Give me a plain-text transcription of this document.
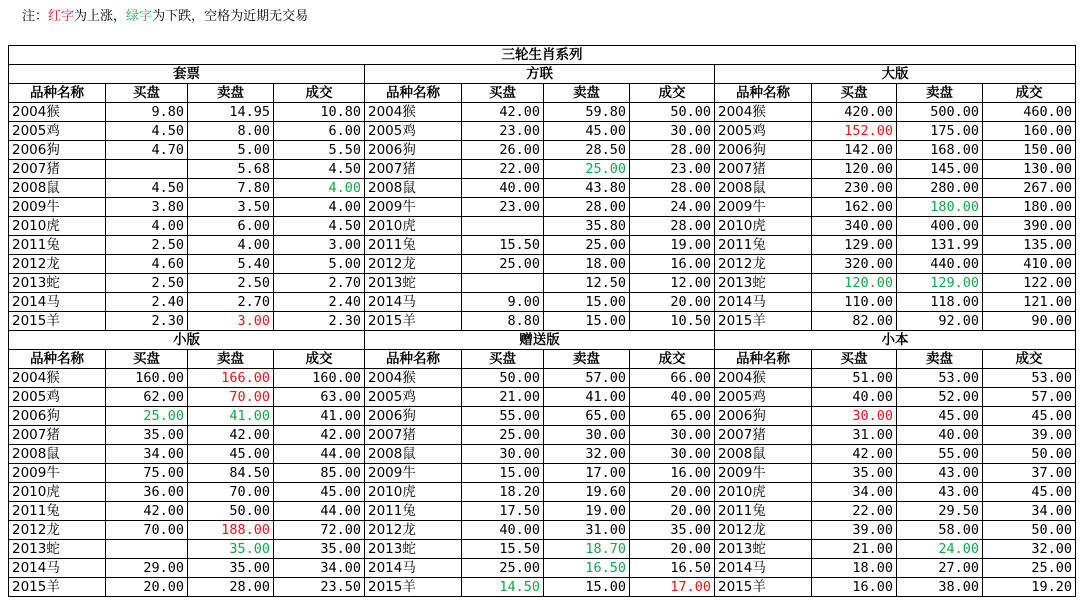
注：红字为上涨，绿字为下跌，空格为近期无交易
三轮生肖系列											
套票				方联				大版			
品种名称	买盘	卖盘	成交	品种名称	买盘	卖盘	成交	品种名称	买盘	卖盘	成交
2004猴	9.80	14.95	10.80	2004猴	42.00	59.80	50.00	2004猴	420.00	500.00	460.00
2005鸡	4.50	8.00	6.00	2005鸡	23.00	45.00	30.00	2005鸡	152.00	175.00	160.00
2006狗	4.70	5.00	5.50	2006狗	26.00	28.50	28.00	2006狗	142.00	168.00	150.00
2007猪		5.68	4.50	2007猪	22.00	25.00	23.00	2007猪	120.00	145.00	130.00
2008鼠	4.50	7.80	4.00	2008鼠	40.00	43.80	28.00	2008鼠	230.00	280.00	267.00
2009牛	3.80	3.50	4.00	2009牛	23.00	28.00	24.00	2009牛	162.00	180.00	180.00
2010虎	4.00	6.00	4.50	2010虎		35.80	28.00	2010虎	340.00	400.00	390.00
2011兔	2.50	4.00	3.00	2011兔	15.50	25.00	19.00	2011兔	129.00	131.99	135.00
2012龙	4.60	5.40	5.00	2012龙	25.00	18.00	16.00	2012龙	320.00	440.00	410.00
2013蛇	2.50	2.50	2.70	2013蛇		12.50	12.00	2013蛇	120.00	129.00	122.00
2014马	2.40	2.70	2.40	2014马	9.00	15.00	20.00	2014马	110.00	118.00	121.00
2015羊	2.30	3.00	2.30	2015羊	8.80	15.00	10.50	2015羊	82.00	92.00	90.00
小版				赠送版				小本			
品种名称	买盘	卖盘	成交	品种名称	买盘	卖盘	成交	品种名称	买盘	卖盘	成交
2004猴	160.00	166.00	160.00	2004猴	50.00	57.00	66.00	2004猴	51.00	53.00	53.00
2005鸡	62.00	70.00	63.00	2005鸡	21.00	41.00	40.00	2005鸡	40.00	52.00	57.00
2006狗	25.00	41.00	41.00	2006狗	55.00	65.00	65.00	2006狗	30.00	45.00	45.00
2007猪	35.00	42.00	42.00	2007猪	25.00	30.00	30.00	2007猪	31.00	40.00	39.00
2008鼠	34.00	45.00	44.00	2008鼠	30.00	32.00	30.00	2008鼠	42.00	55.00	50.00
2009牛	75.00	84.50	85.00	2009牛	15.00	17.00	16.00	2009牛	35.00	43.00	37.00
2010虎	36.00	70.00	45.00	2010虎	18.20	19.60	20.00	2010虎	34.00	43.00	45.00
2011兔	42.00	50.00	44.00	2011兔	17.50	19.00	20.00	2011兔	22.00	29.50	34.00
2012龙	70.00	188.00	72.00	2012龙	40.00	31.00	35.00	2012龙	39.00	58.00	50.00
2013蛇		35.00	35.00	2013蛇	15.50	18.70	20.00	2013蛇	21.00	24.00	32.00
2014马	29.00	35.00	34.00	2014马	25.00	16.50	16.50	2014马	18.00	27.00	25.00
2015羊	20.00	28.00	23.50	2015羊	14.50	15.00	17.00	2015羊	16.00	38.00	19.20
